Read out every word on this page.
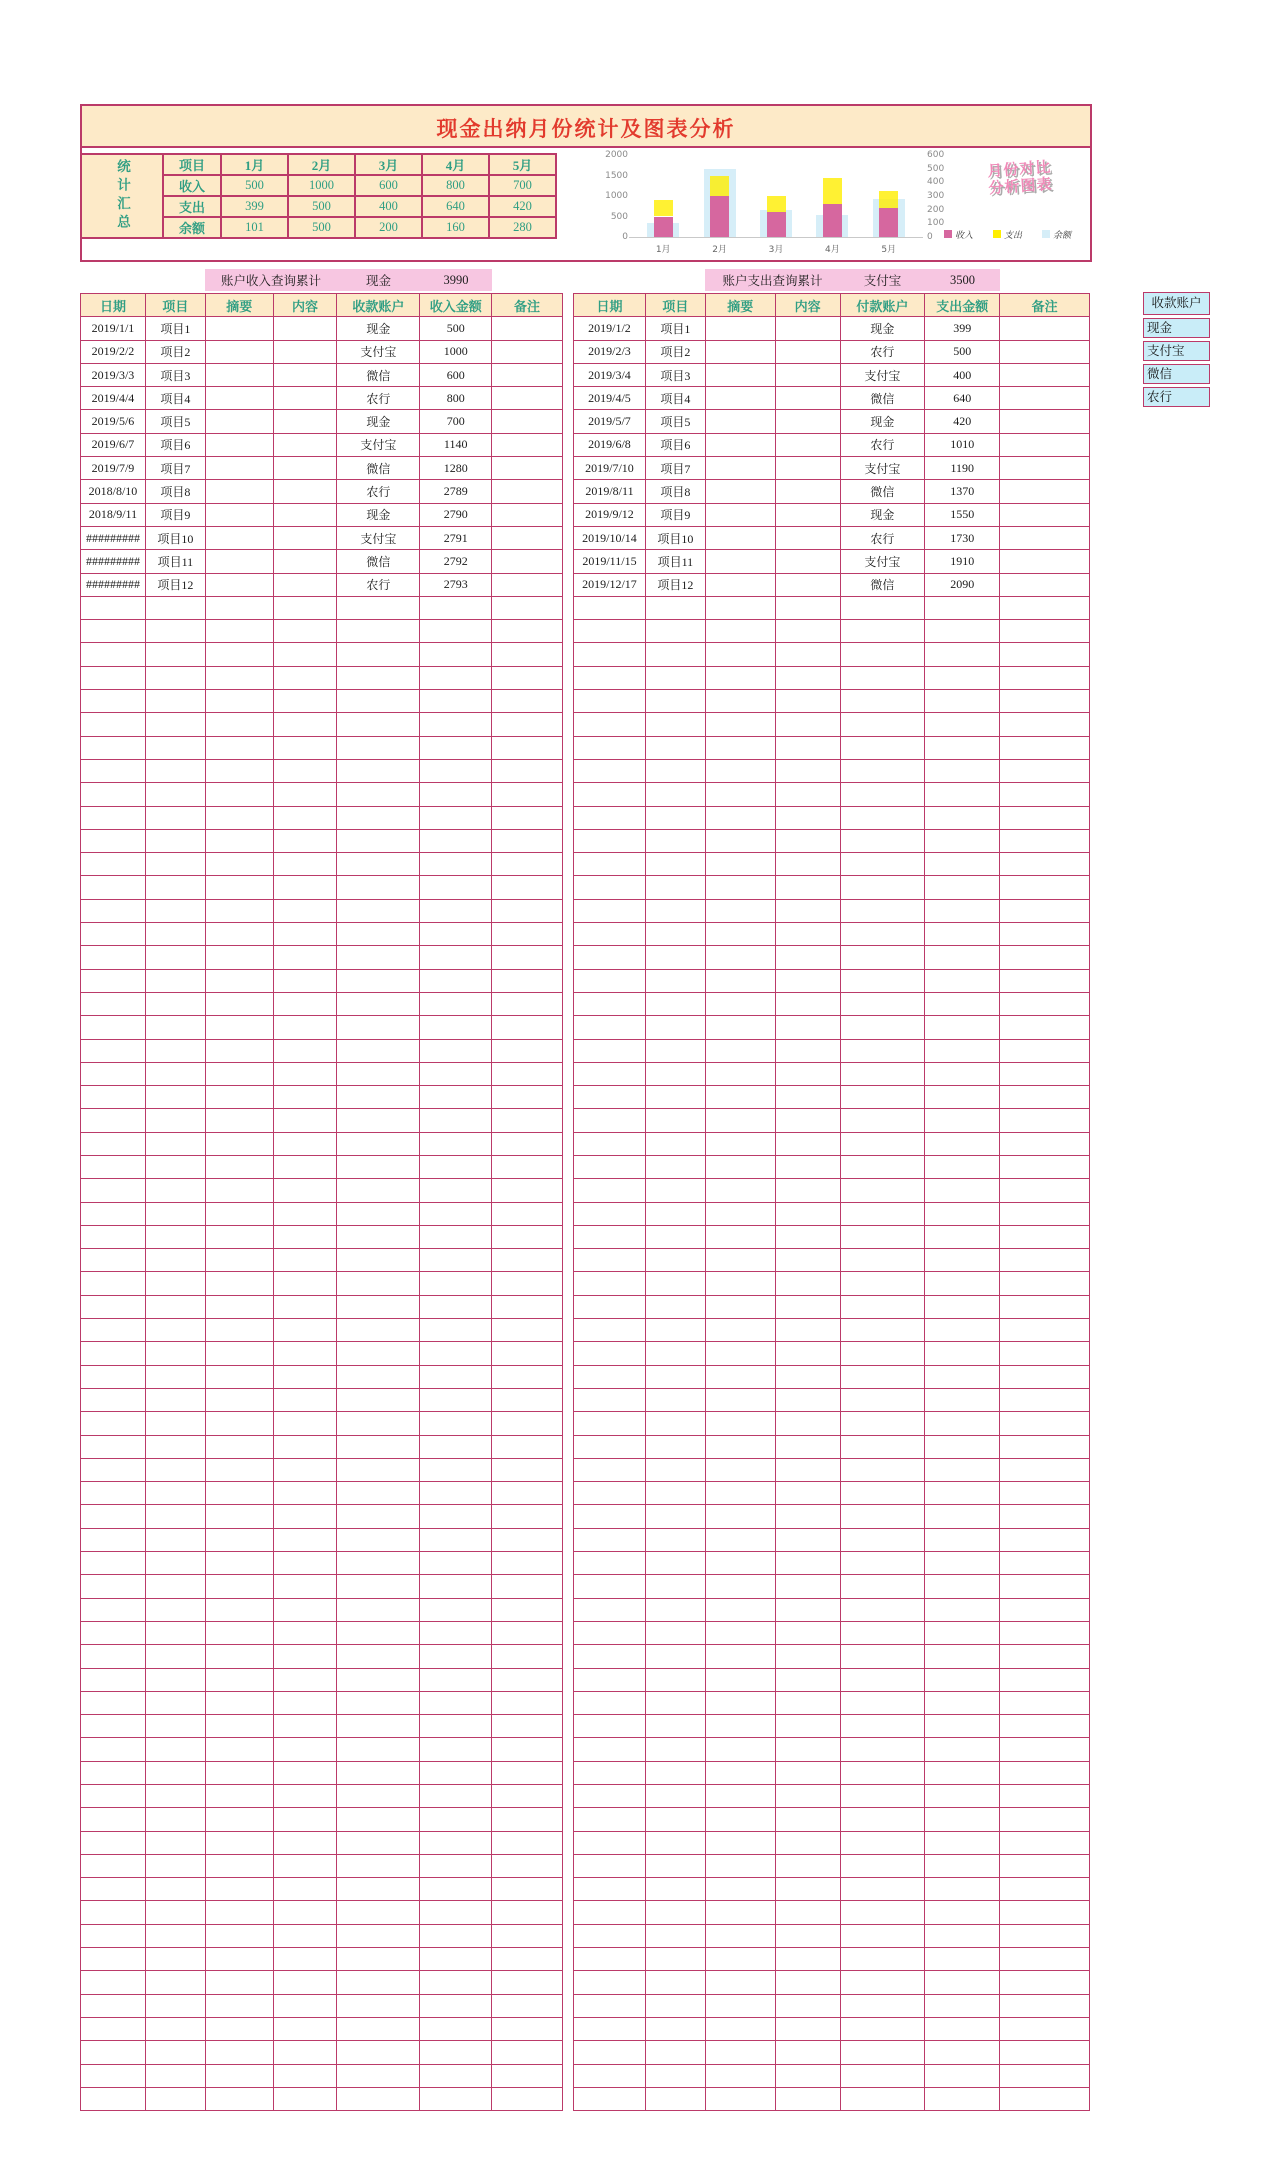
现金出纳月份统计及图表分析
统计汇总	项目	1月	2月	3月	4月	5月
	收入	500	1000	600	800	700
	支出	399	500	400	640	420
	余额	101	500	200	160	280
2000
1500
1000
500
0
600
500
400
300
200
100
0
1月	2月	3月	4月	5月
收入	支出	余额
月份对比
分析图表
账户收入查询累计	现金	3990
日期	项目	摘要	内容	收款账户	收入金额	备注
2019/1/1	项目1			现金	500	
2019/2/2	项目2			支付宝	1000	
2019/3/3	项目3			微信	600	
2019/4/4	项目4			农行	800	
2019/5/6	项目5			现金	700	
2019/6/7	项目6			支付宝	1140	
2019/7/9	项目7			微信	1280	
2018/8/10	项目8			农行	2789	
2018/9/11	项目9			现金	2790	
#########	项目10			支付宝	2791	
#########	项目11			微信	2792	
#########	项目12			农行	2793	

账户支出查询累计	支付宝	3500
日期	项目	摘要	内容	付款账户	支出金额	备注
2019/1/2	项目1			现金	399	
2019/2/3	项目2			农行	500	
2019/3/4	项目3			支付宝	400	
2019/4/5	项目4			微信	640	
2019/5/7	项目5			现金	420	
2019/6/8	项目6			农行	1010	
2019/7/10	项目7			支付宝	1190	
2019/8/11	项目8			微信	1370	
2019/9/12	项目9			现金	1550	
2019/10/14	项目10			农行	1730	
2019/11/15	项目11			支付宝	1910	
2019/12/17	项目12			微信	2090	

收款账户
现金
支付宝
微信
农行
